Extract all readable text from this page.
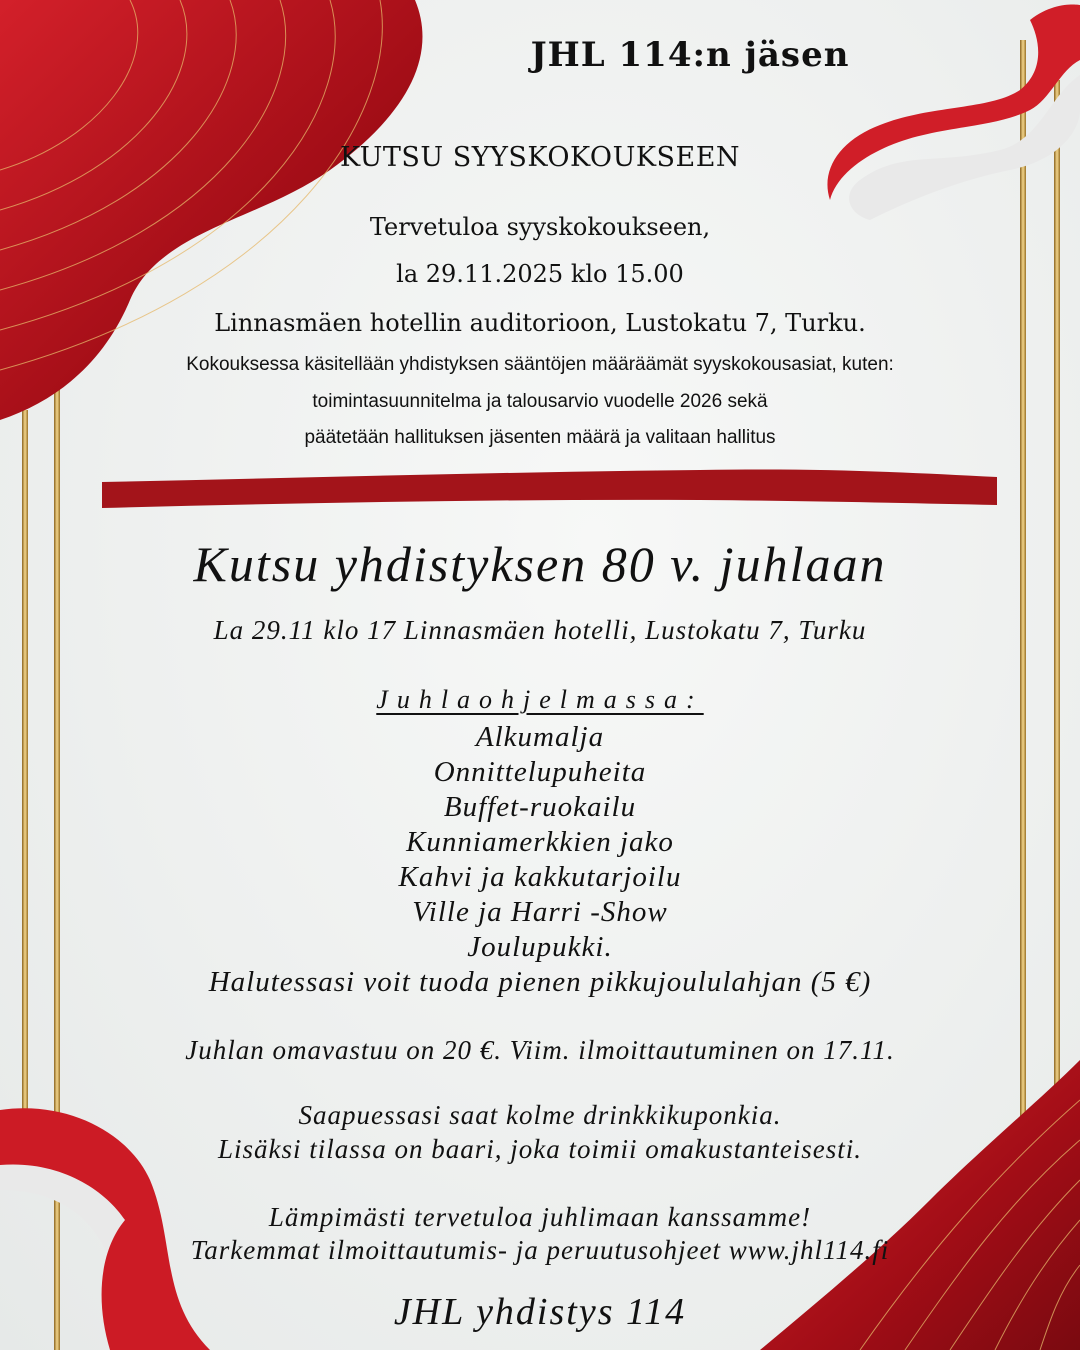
JHL 114:n jäsen
KUTSU SYYSKOKOUKSEEN
Tervetuloa syyskokoukseen,
la 29.11.2025 klo 15.00
Linnasmäen hotellin auditorioon, Lustokatu 7, Turku.
Kokouksessa käsitellään yhdistyksen sääntöjen määräämät syyskokousasiat, kuten:
toimintasuunnitelma ja talousarvio vuodelle 2026 sekä
päätetään hallituksen jäsenten määrä ja valitaan hallitus
Kutsu yhdistyksen 80 v. juhlaan
La 29.11 klo 17 Linnasmäen hotelli, Lustokatu 7, Turku
Juhlaohjelmassa:
Alkumalja
Onnittelupuheita
Buffet-ruokailu
Kunniamerkkien jako
Kahvi ja kakkutarjoilu
Ville ja Harri -Show
Joulupukki.
Halutessasi voit tuoda pienen pikkujoululahjan (5 €)
Juhlan omavastuu on 20 €. Viim. ilmoittautuminen on 17.11.
Saapuessasi saat kolme drinkkikuponkia.
Lisäksi tilassa on baari, joka toimii omakustanteisesti.
Lämpimästi tervetuloa juhlimaan kanssamme!
Tarkemmat ilmoittautumis- ja peruutusohjeet www.jhl114.fi
JHL yhdistys 114
